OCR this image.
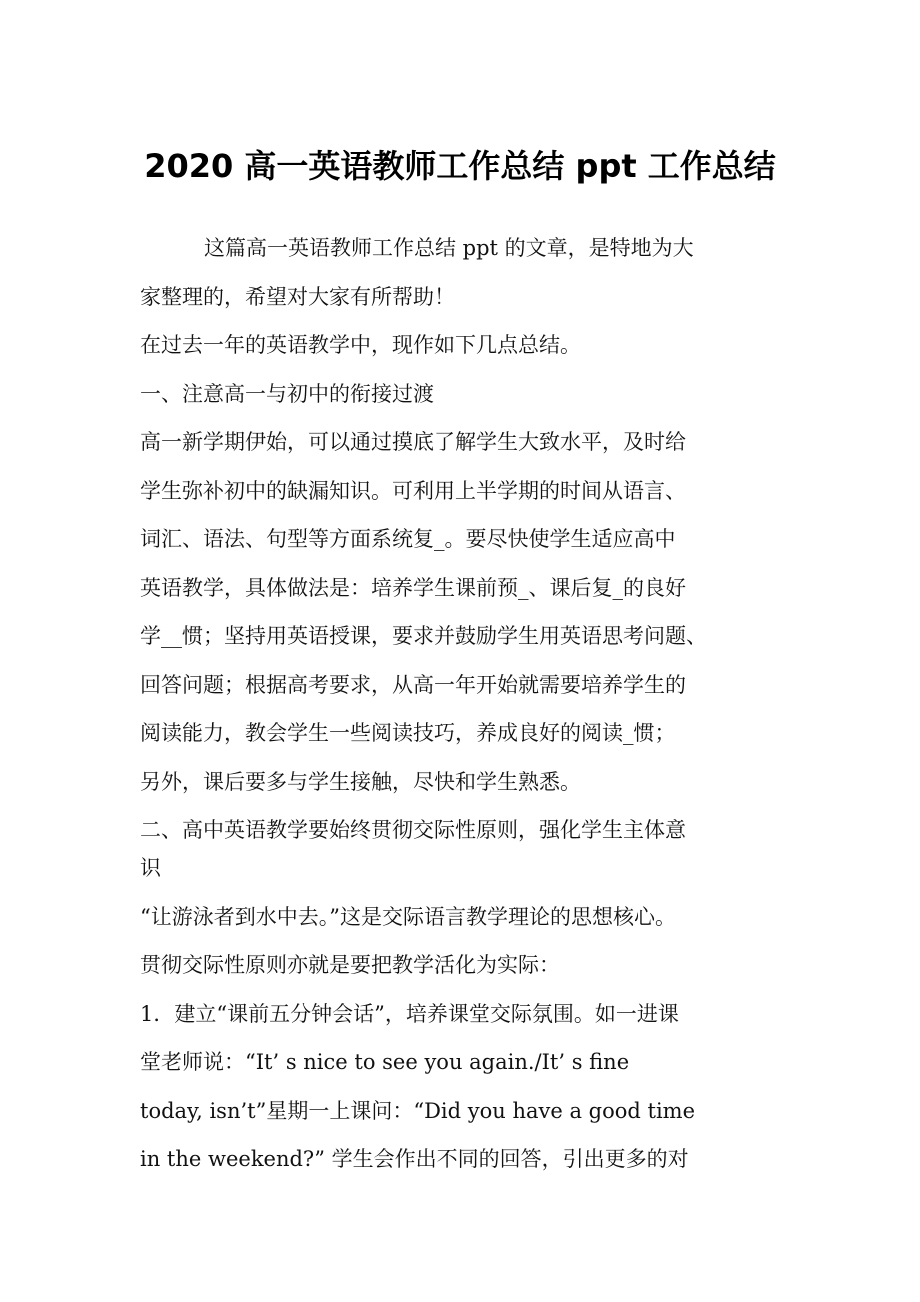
2020 高一英语教师工作总结 ppt 工作总结

这篇高一英语教师工作总结 ppt 的文章，是特地为大

家整理的，希望对大家有所帮助！

在过去一年的英语教学中，现作如下几点总结。

一、注意高一与初中的衔接过渡

高一新学期伊始，可以通过摸底了解学生大致水平，及时给

学生弥补初中的缺漏知识。可利用上半学期的时间从语言、

词汇、语法、句型等方面系统复_。要尽快使学生适应高中

英语教学，具体做法是：培养学生课前预_、课后复_的良好

学__惯；坚持用英语授课，要求并鼓励学生用英语思考问题、

回答问题；根据高考要求，从高一年开始就需要培养学生的

阅读能力，教会学生一些阅读技巧，养成良好的阅读_惯；

另外，课后要多与学生接触，尽快和学生熟悉。

二、高中英语教学要始终贯彻交际性原则，强化学生主体意

识

“让游泳者到水中去。”这是交际语言教学理论的思想核心。

贯彻交际性原则亦就是要把教学活化为实际：

1．建立“课前五分钟会话”，培养课堂交际氛围。如一进课

堂老师说：“It’ s nice to see you again./It’ s fine

today, isn’t”星期一上课问：“Did you have a good time

in the weekend?” 学生会作出不同的回答，引出更多的对
